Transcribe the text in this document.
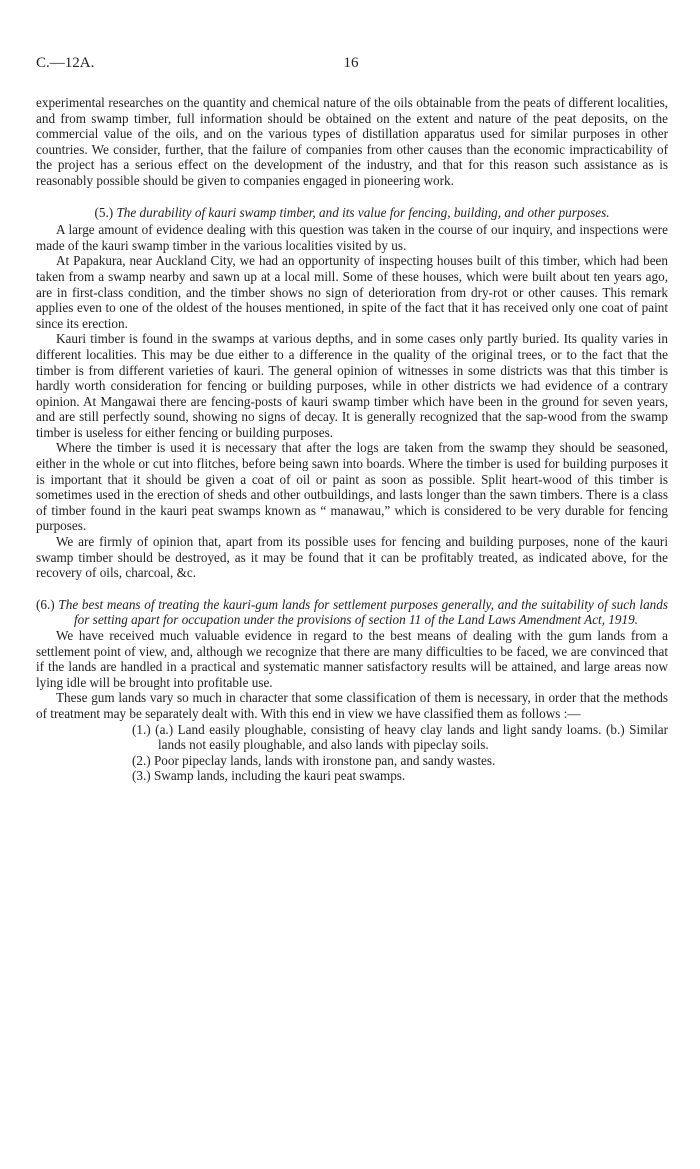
C.—12A.	16

experimental researches on the quantity and chemical nature of the oils obtainable from the peats of different localities, and from swamp timber, full information should be obtained on the extent and nature of the peat deposits, on the commercial value of the oils, and on the various types of distillation apparatus used for similar purposes in other countries. We consider, further, that the failure of companies from other causes than the economic impracticability of the project has a serious effect on the development of the industry, and that for this reason such assistance as is reasonably possible should be given to companies engaged in pioneering work.

(5.) The durability of kauri swamp timber, and its value for fencing, building, and other purposes.

A large amount of evidence dealing with this question was taken in the course of our inquiry, and inspections were made of the kauri swamp timber in the various localities visited by us.

At Papakura, near Auckland City, we had an opportunity of inspecting houses built of this timber, which had been taken from a swamp nearby and sawn up at a local mill. Some of these houses, which were built about ten years ago, are in first-class condition, and the timber shows no sign of deterioration from dry-rot or other causes. This remark applies even to one of the oldest of the houses mentioned, in spite of the fact that it has received only one coat of paint since its erection.

Kauri timber is found in the swamps at various depths, and in some cases only partly buried. Its quality varies in different localities. This may be due either to a difference in the quality of the original trees, or to the fact that the timber is from different varieties of kauri. The general opinion of witnesses in some districts was that this timber is hardly worth consideration for fencing or building purposes, while in other districts we had evidence of a contrary opinion. At Mangawai there are fencing-posts of kauri swamp timber which have been in the ground for seven years, and are still perfectly sound, showing no signs of decay. It is generally recognized that the sap-wood from the swamp timber is useless for either fencing or building purposes.

Where the timber is used it is necessary that after the logs are taken from the swamp they should be seasoned, either in the whole or cut into flitches, before being sawn into boards. Where the timber is used for building purposes it is important that it should be given a coat of oil or paint as soon as possible. Split heart-wood of this timber is sometimes used in the erection of sheds and other outbuildings, and lasts longer than the sawn timbers. There is a class of timber found in the kauri peat swamps known as “ manawau,” which is considered to be very durable for fencing purposes.

We are firmly of opinion that, apart from its possible uses for fencing and building purposes, none of the kauri swamp timber should be destroyed, as it may be found that it can be profitably treated, as indicated above, for the recovery of oils, charcoal, &c.

(6.) The best means of treating the kauri-gum lands for settlement purposes generally, and the suitability of such lands for setting apart for occupation under the provisions of section 11 of the Land Laws Amendment Act, 1919.

We have received much valuable evidence in regard to the best means of dealing with the gum lands from a settlement point of view, and, although we recognize that there are many difficulties to be faced, we are convinced that if the lands are handled in a practical and systematic manner satisfactory results will be attained, and large areas now lying idle will be brought into profitable use.

These gum lands vary so much in character that some classification of them is necessary, in order that the methods of treatment may be separately dealt with. With this end in view we have classified them as follows :—

(1.) (a.) Land easily ploughable, consisting of heavy clay lands and light sandy loams. (b.) Similar lands not easily ploughable, and also lands with pipeclay soils.
(2.) Poor pipeclay lands, lands with ironstone pan, and sandy wastes.
(3.) Swamp lands, including the kauri peat swamps.
